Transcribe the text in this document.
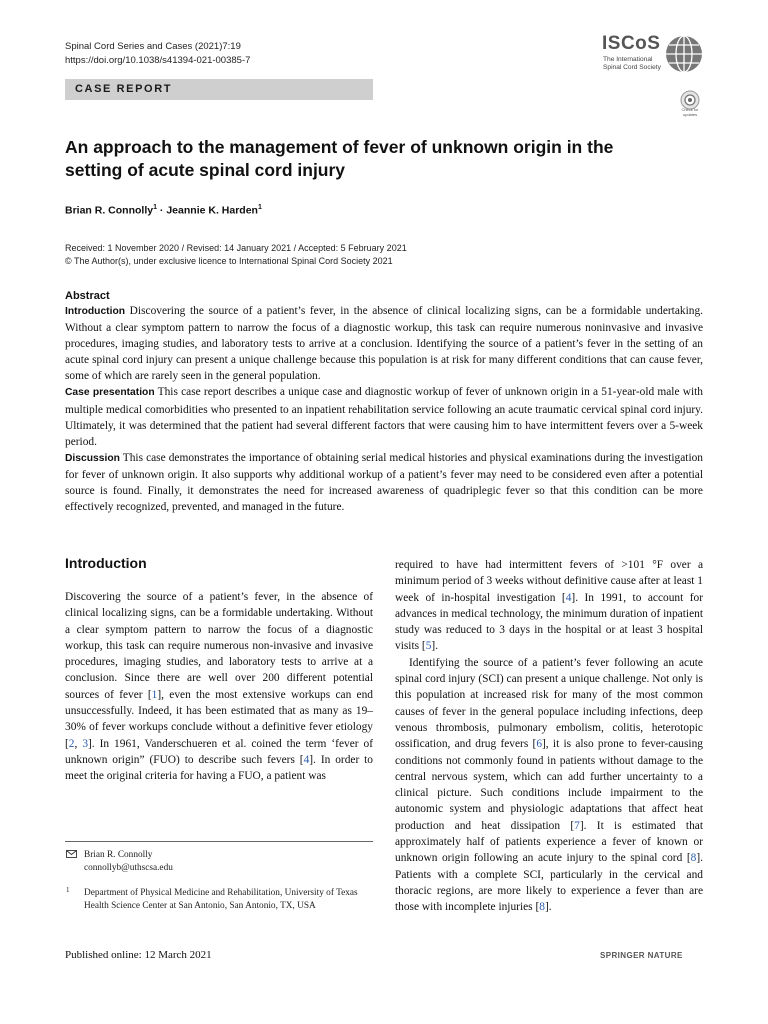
Spinal Cord Series and Cases (2021)7:19
https://doi.org/10.1038/s41394-021-00385-7
ISCoS
The International
Spinal Cord Society
CASE REPORT
Check for
updates
An approach to the management of fever of unknown origin in the setting of acute spinal cord injury
Brian R. Connolly$^1$ · Jeannie K. Harden$^1$
Received: 1 November 2020 / Revised: 14 January 2021 / Accepted: 5 February 2021
© The Author(s), under exclusive licence to International Spinal Cord Society 2021
Abstract

Introduction Discovering the source of a patient’s fever, in the absence of clinical localizing signs, can be a formidable undertaking. Without a clear symptom pattern to narrow the focus of a diagnostic workup, this task can require numerous noninvasive and invasive procedures, imaging studies, and laboratory tests to arrive at a conclusion. Identifying the source of a patient’s fever in the setting of an acute spinal cord injury can present a unique challenge because this population is at risk for many different conditions that can cause fever, some of which are rarely seen in the general population.

Case presentation This case report describes a unique case and diagnostic workup of fever of unknown origin in a 51-year-old male with multiple medical comorbidities who presented to an inpatient rehabilitation service following an acute traumatic cervical spinal cord injury. Ultimately, it was determined that the patient had several different factors that were causing him to have intermittent fevers over a 5-week period.

Discussion This case demonstrates the importance of obtaining serial medical histories and physical examinations during the investigation for fever of unknown origin. It also supports why additional workup of a patient’s fever may need to be considered even after a potential source is found. Finally, it demonstrates the need for increased awareness of quadriplegic fever so that this condition can be more effectively recognized, prevented, and managed in the future.

Introduction

Discovering the source of a patient’s fever, in the absence of clinical localizing signs, can be a formidable undertaking. Without a clear symptom pattern to narrow the focus of a diagnostic workup, this task can require numerous non-invasive and invasive procedures, imaging studies, and laboratory tests to arrive at a conclusion. Since there are well over 200 different potential sources of fever [1], even the most extensive workups can end unsuccessfully. Indeed, it has been estimated that as many as 19–30% of fever workups conclude without a definitive fever etiology [2, 3]. In 1961, Vanderschueren et al. coined the term ‘fever of unknown origin” (FUO) to describe such fevers [4]. In order to meet the original criteria for having a FUO, a patient was

required to have had intermittent fevers of >101 °F over a minimum period of 3 weeks without definitive cause after at least 1 week of in-hospital investigation [4]. In 1991, to account for advances in medical technology, the minimum duration of inpatient study was reduced to 3 days in the hospital or at least 3 hospital visits [5].

Identifying the source of a patient’s fever following an acute spinal cord injury (SCI) can present a unique challenge. Not only is this population at increased risk for many of the most common causes of fever in the general populace including infections, deep venous thrombosis, pulmonary embolism, colitis, heterotopic ossification, and drug fevers [6], it is also prone to fever-causing conditions not commonly found in patients without damage to the central nervous system, which can add further uncertainty to a clinical picture. Such conditions include impairment to the autonomic system and physiologic adaptations that affect heat production and heat dissipation [7]. It is estimated that approximately half of patients experience a fever of known or unknown origin following an acute injury to the spinal cord [8]. Patients with a complete SCI, particularly in the cervical and thoracic regions, are more likely to experience a fever than are those with incomplete injuries [8].

Brian R. Connolly
connollyb@uthscsa.edu
1 Department of Physical Medicine and Rehabilitation, University of Texas Health Science Center at San Antonio, San Antonio, TX, USA
Published online: 12 March 2021	SPRINGER NATURE
